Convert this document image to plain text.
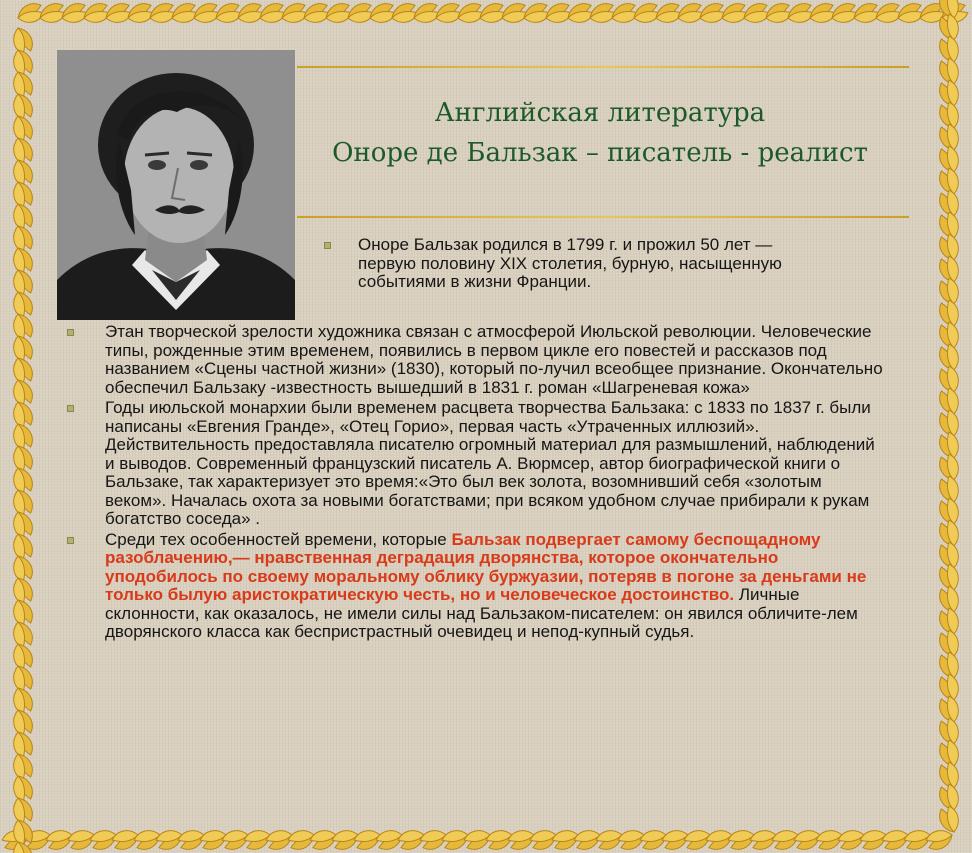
Английская литература
Оноре де Бальзак – писатель - реалист
Оноре Бальзак родился в 1799 г. и прожил 50 лет — первую половину XIX столетия, бурную, насыщенную событиями в жизни Франции.
Этан творческой зрелости художника связан с атмосферой Июльской революции. Человеческие типы, рожденные этим временем, появились в первом цикле его повестей и рассказов под названием «Сцены частной жизни» (1830), который по-лучил всеобщее признание. Окончательно обеспечил Бальзаку -известность вышедший в 1831 г. роман «Шагреневая кожа»
Годы июльской монархии были временем расцвета творчества Бальзака: с 1833 по 1837 г. были написаны «Евгения Гранде», «Отец Горио», первая часть «Утраченных иллюзий». Действительность предоставляла писателю огромный материал для размышлений, наблюдений и выводов. Современный французский писатель А. Вюрмсер, автор биографической книги о Бальзаке, так характеризует это время:«Это был век золота, возомнивший себя «золотым веком». Началась охота за новыми богатствами; при всяком удобном случае прибирали к рукам богатство соседа» .
Среди тех особенностей времени, которые Бальзак подвергает самому беспощадному разоблачению,— нравственная деградация дворянства, которое окончательно уподобилось по своему моральному облику буржуазии, потеряв в погоне за деньгами не только былую аристократическую честь, но и человеческое достоинство. Личные склонности, как оказалось, не имели силы над Бальзаком-писателем: он явился обличите-лем дворянского класса как беспристрастный очевидец и непод-купный судья.
